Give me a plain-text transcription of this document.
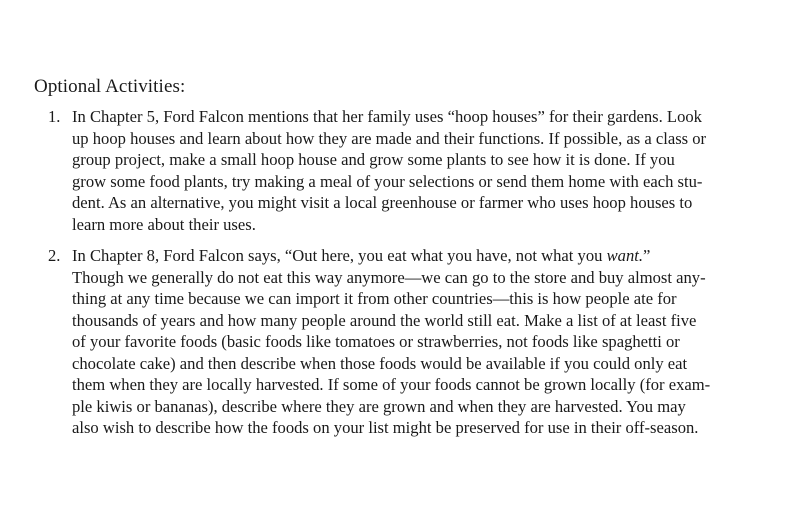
Optional Activities:
1. In Chapter 5, Ford Falcon mentions that her family uses “hoop houses” for their gardens. Look
up hoop houses and learn about how they are made and their functions. If possible, as a class or
group project, make a small hoop house and grow some plants to see how it is done. If you
grow some food plants, try making a meal of your selections or send them home with each stu-
dent. As an alternative, you might visit a local greenhouse or farmer who uses hoop houses to
learn more about their uses.
2. In Chapter 8, Ford Falcon says, “Out here, you eat what you have, not what you want.”
Though we generally do not eat this way anymore—we can go to the store and buy almost any-
thing at any time because we can import it from other countries—this is how people ate for
thousands of years and how many people around the world still eat. Make a list of at least five
of your favorite foods (basic foods like tomatoes or strawberries, not foods like spaghetti or
chocolate cake) and then describe when those foods would be available if you could only eat
them when they are locally harvested. If some of your foods cannot be grown locally (for exam-
ple kiwis or bananas), describe where they are grown and when they are harvested. You may
also wish to describe how the foods on your list might be preserved for use in their off-season.
